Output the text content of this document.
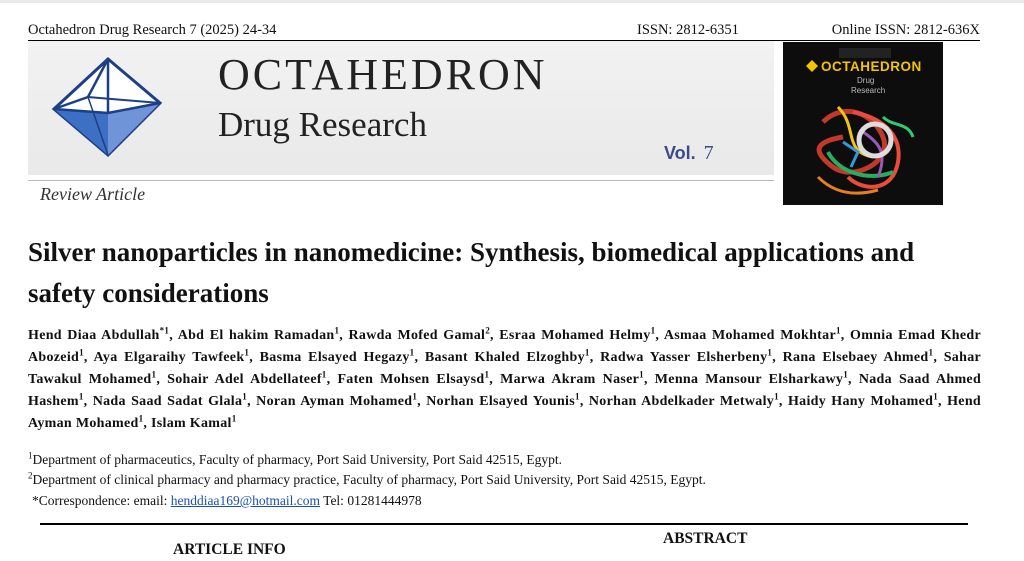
Octahedron Drug Research 7 (2025) 24-34	ISSN: 2812-6351	Online ISSN: 2812-636X
OCTAHEDRON
Drug Research
Vol. 7
Review Article
OCTAHEDRON
Drug
Research
Silver nanoparticles in nanomedicine: Synthesis, biomedical applications and safety considerations
Hend Diaa Abdullah$^{*1}$, Abd El hakim Ramadan$^1$, Rawda Mofed Gamal$^2$, Esraa Mohamed Helmy$^1$, Asmaa Mohamed Mokhtar$^1$, Omnia Emad Khedr Abozeid$^1$, Aya Elgaraihy Tawfeek$^1$, Basma Elsayed Hegazy$^1$, Basant Khaled Elzoghby$^1$, Radwa Yasser Elsherbeny$^1$, Rana Elsebaey Ahmed$^1$, Sahar Tawakul Mohamed$^1$, Sohair Adel Abdellateef$^1$, Faten Mohsen Elsaysd$^1$, Marwa Akram Naser$^1$, Menna Mansour Elsharkawy$^1$, Nada Saad Ahmed Hashem$^1$, Nada Saad Sadat Glala$^1$, Noran Ayman Mohamed$^1$, Norhan Elsayed Younis$^1$, Norhan Abdelkader Metwaly$^1$, Haidy Hany Mohamed$^1$, Hend Ayman Mohamed$^1$, Islam Kamal$^1$
$^1$Department of pharmaceutics, Faculty of pharmacy, Port Said University, Port Said 42515, Egypt.
$^2$Department of clinical pharmacy and pharmacy practice, Faculty of pharmacy, Port Said University, Port Said 42515, Egypt.
*Correspondence: email: henddiaa169@hotmail.com Tel: 01281444978
ARTICLE INFO
ABSTRACT
